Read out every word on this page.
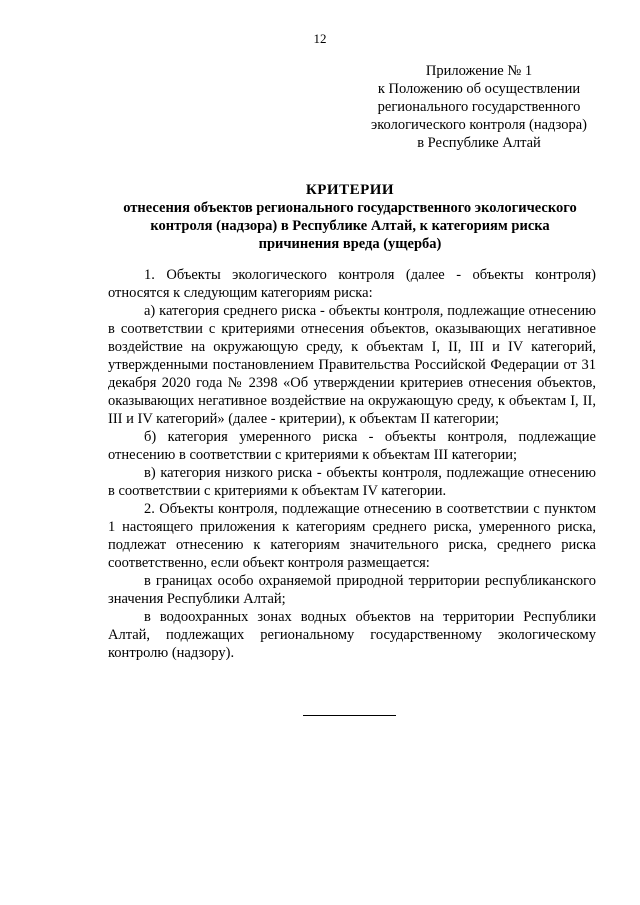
12
Приложение № 1
к Положению об осуществлении
регионального государственного
экологического контроля (надзора)
в Республике Алтай
КРИТЕРИИ
отнесения объектов регионального государственного экологического
контроля (надзора) в Республике Алтай, к категориям риска
причинения вреда (ущерба)

1. Объекты экологического контроля (далее - объекты контроля) относятся к следующим категориям риска:

а) категория среднего риска - объекты контроля, подлежащие отнесению в соответствии с критериями отнесения объектов, оказывающих негативное воздействие на окружающую среду, к объектам I, II, III и IV категорий, утвержденными постановлением Правительства Российской Федерации от 31 декабря 2020 года № 2398 «Об утверждении критериев отнесения объектов, оказывающих негативное воздействие на окружающую среду, к объектам I, II, III и IV категорий» (далее - критерии), к объектам II категории;

б) категория умеренного риска - объекты контроля, подлежащие отнесению в соответствии с критериями к объектам III категории;

в) категория низкого риска - объекты контроля, подлежащие отнесению в соответствии с критериями к объектам IV категории.

2. Объекты контроля, подлежащие отнесению в соответствии с пунктом 1 настоящего приложения к категориям среднего риска, умеренного риска, подлежат отнесению к категориям значительного риска, среднего риска соответственно, если объект контроля размещается:

в границах особо охраняемой природной территории республиканского значения Республики Алтай;

в водоохранных зонах водных объектов на территории Республики Алтай, подлежащих региональному государственному экологическому контролю (надзору).
